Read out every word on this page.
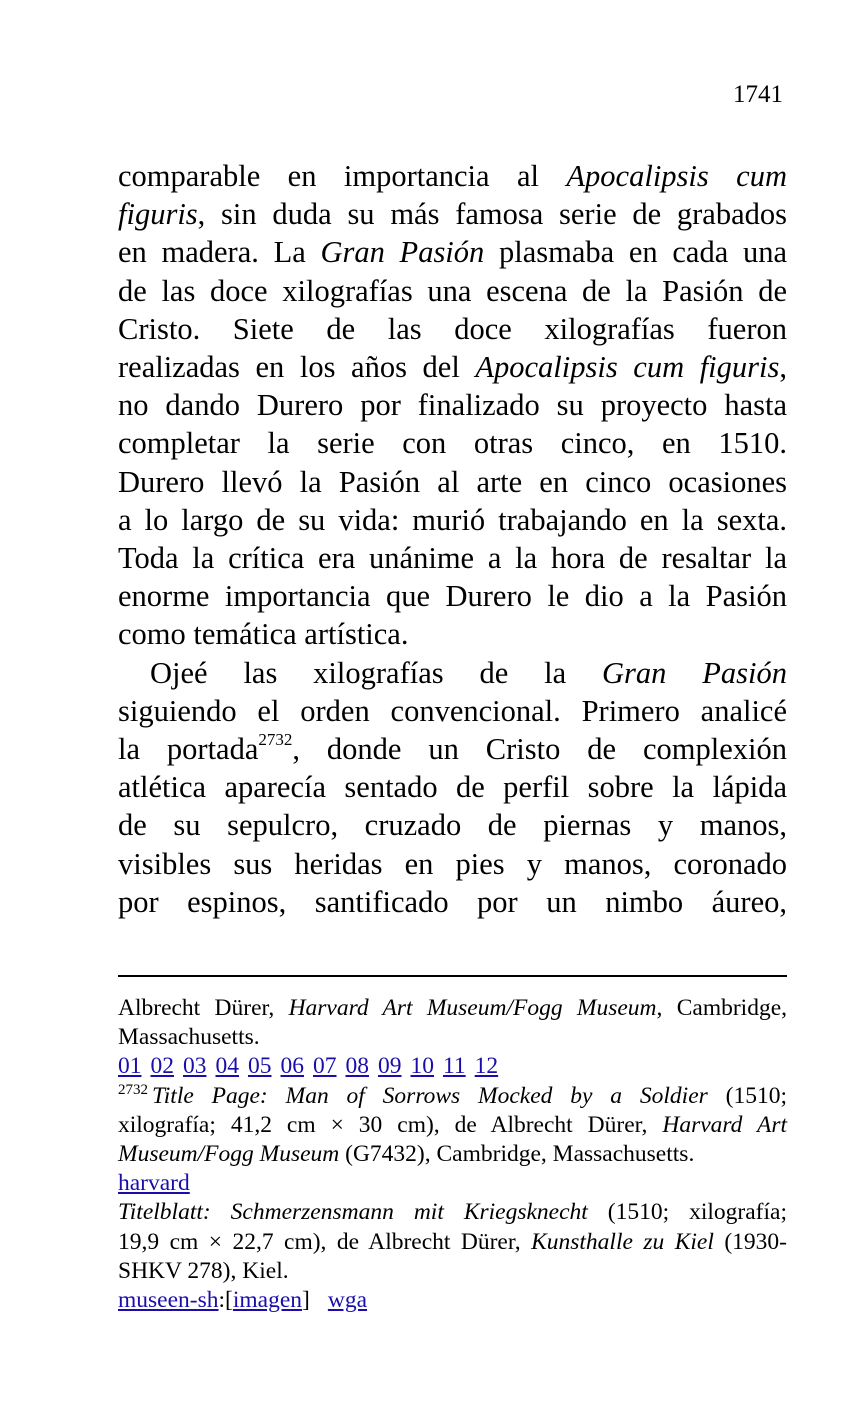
1741
comparable en importancia al Apocalipsis cum
figuris, sin duda su más famosa serie de grabados
en madera. La Gran Pasión plasmaba en cada una
de las doce xilografías una escena de la Pasión de
Cristo. Siete de las doce xilografías fueron
realizadas en los años del Apocalipsis cum figuris,
no dando Durero por finalizado su proyecto hasta
completar la serie con otras cinco, en 1510.
Durero llevó la Pasión al arte en cinco ocasiones
a lo largo de su vida: murió trabajando en la sexta.
Toda la crítica era unánime a la hora de resaltar la
enorme importancia que Durero le dio a la Pasión
como temática artística.
Ojeé las xilografías de la Gran Pasión
siguiendo el orden convencional. Primero analicé
la portada$^{2732}$, donde un Cristo de complexión
atlética aparecía sentado de perfil sobre la lápida
de su sepulcro, cruzado de piernas y manos,
visibles sus heridas en pies y manos, coronado
por espinos, santificado por un nimbo áureo,
Albrecht Dürer, Harvard Art Museum/Fogg Museum, Cambridge,
Massachusetts.
01 02 03 04 05 06 07 08 09 10 11 12
$^{2732}$ Title Page: Man of Sorrows Mocked by a Soldier (1510;
xilografía; 41,2 cm × 30 cm), de Albrecht Dürer, Harvard Art
Museum/Fogg Museum (G7432), Cambridge, Massachusetts.
harvard
Titelblatt: Schmerzensmann mit Kriegsknecht (1510; xilografía;
19,9 cm × 22,7 cm), de Albrecht Dürer, Kunsthalle zu Kiel (1930-
SHKV 278), Kiel.
museen-sh:[imagen] wga
